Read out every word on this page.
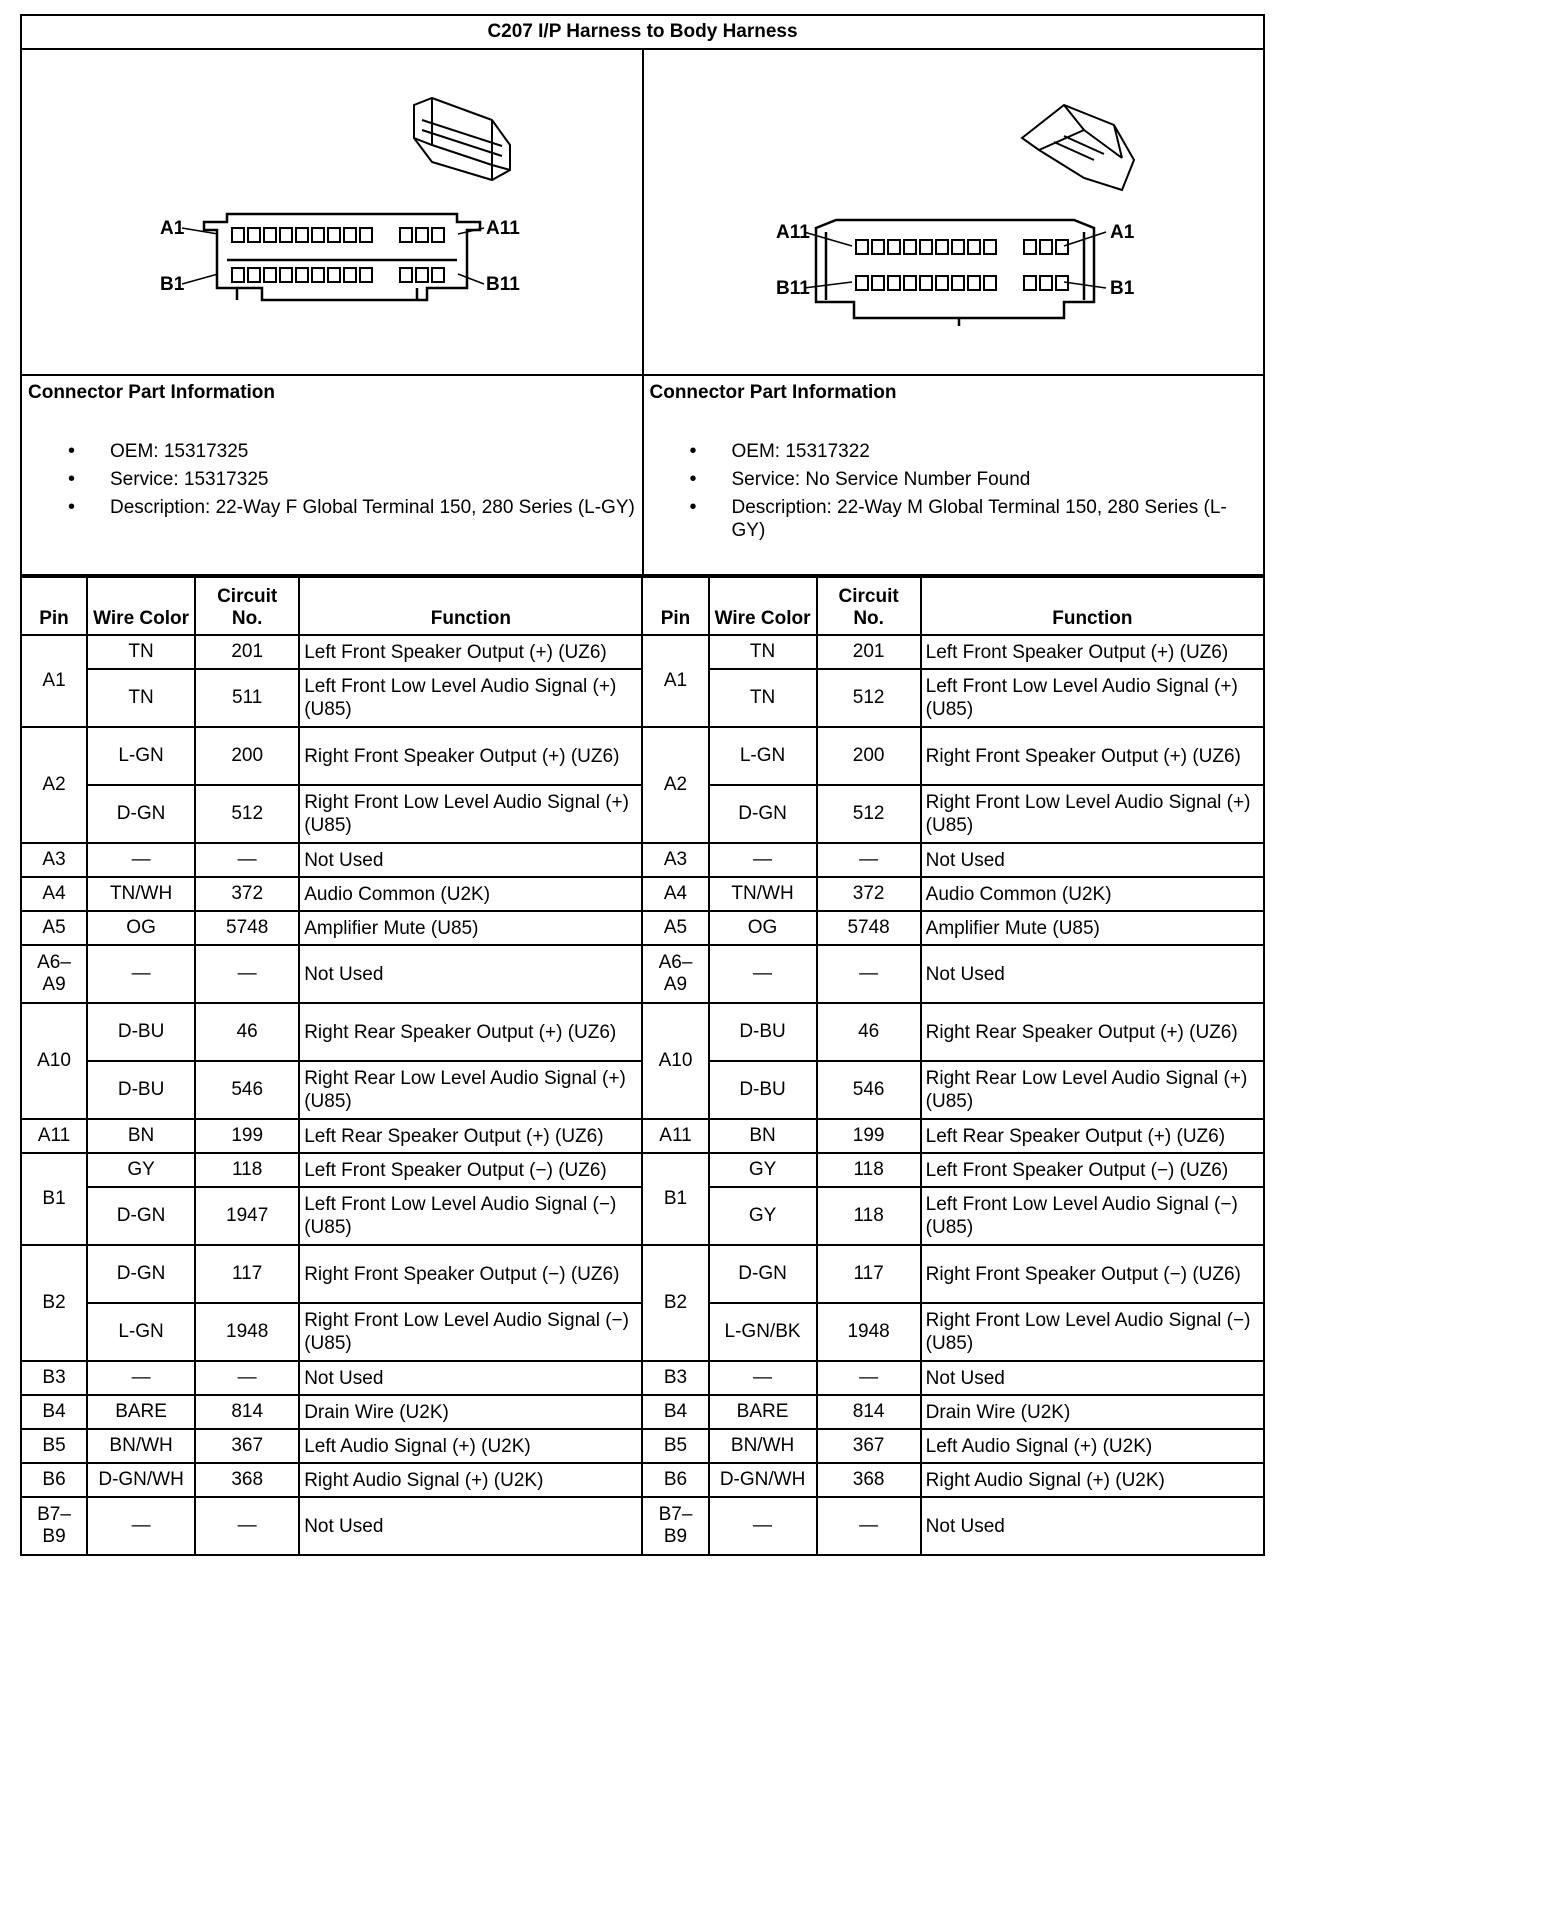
C207 I/P Harness to Body Harness
A1
B1
A11
B11
A11
B11
A1
B1
Connector Part Information
• OEM: 15317325
• Service: 15317325
• Description: 22-Way F Global Terminal 150, 280 Series (L-GY)
Connector Part Information
• OEM: 15317322
• Service: No Service Number Found
• Description: 22-Way M Global Terminal 150, 280 Series (L-GY)
Pin	Wire Color	Circuit No.	Function	Pin	Wire Color	Circuit No.	Function
A1	TN	201	Left Front Speaker Output (+) (UZ6)	A1	TN	201	Left Front Speaker Output (+) (UZ6)
	TN	511	Left Front Low Level Audio Signal (+) (U85)		TN	512	Left Front Low Level Audio Signal (+) (U85)
A2	L-GN	200	Right Front Speaker Output (+) (UZ6)	A2	L-GN	200	Right Front Speaker Output (+) (UZ6)
	D-GN	512	Right Front Low Level Audio Signal (+) (U85)		D-GN	512	Right Front Low Level Audio Signal (+) (U85)
A3	—	—	Not Used	A3	—	—	Not Used
A4	TN/WH	372	Audio Common (U2K)	A4	TN/WH	372	Audio Common (U2K)
A5	OG	5748	Amplifier Mute (U85)	A5	OG	5748	Amplifier Mute (U85)
A6– A9	—	—	Not Used	A6– A9	—	—	Not Used
A10	D-BU	46	Right Rear Speaker Output (+) (UZ6)	A10	D-BU	46	Right Rear Speaker Output (+) (UZ6)
	D-BU	546	Right Rear Low Level Audio Signal (+) (U85)		D-BU	546	Right Rear Low Level Audio Signal (+) (U85)
A11	BN	199	Left Rear Speaker Output (+) (UZ6)	A11	BN	199	Left Rear Speaker Output (+) (UZ6)
B1	GY	118	Left Front Speaker Output (−) (UZ6)	B1	GY	118	Left Front Speaker Output (−) (UZ6)
	D-GN	1947	Left Front Low Level Audio Signal (−) (U85)		GY	118	Left Front Low Level Audio Signal (−) (U85)
B2	D-GN	117	Right Front Speaker Output (−) (UZ6)	B2	D-GN	117	Right Front Speaker Output (−) (UZ6)
	L-GN	1948	Right Front Low Level Audio Signal (−) (U85)		L-GN/BK	1948	Right Front Low Level Audio Signal (−) (U85)
B3	—	—	Not Used	B3	—	—	Not Used
B4	BARE	814	Drain Wire (U2K)	B4	BARE	814	Drain Wire (U2K)
B5	BN/WH	367	Left Audio Signal (+) (U2K)	B5	BN/WH	367	Left Audio Signal (+) (U2K)
B6	D-GN/WH	368	Right Audio Signal (+) (U2K)	B6	D-GN/WH	368	Right Audio Signal (+) (U2K)
B7– B9	—	—	Not Used	B7– B9	—	—	Not Used
